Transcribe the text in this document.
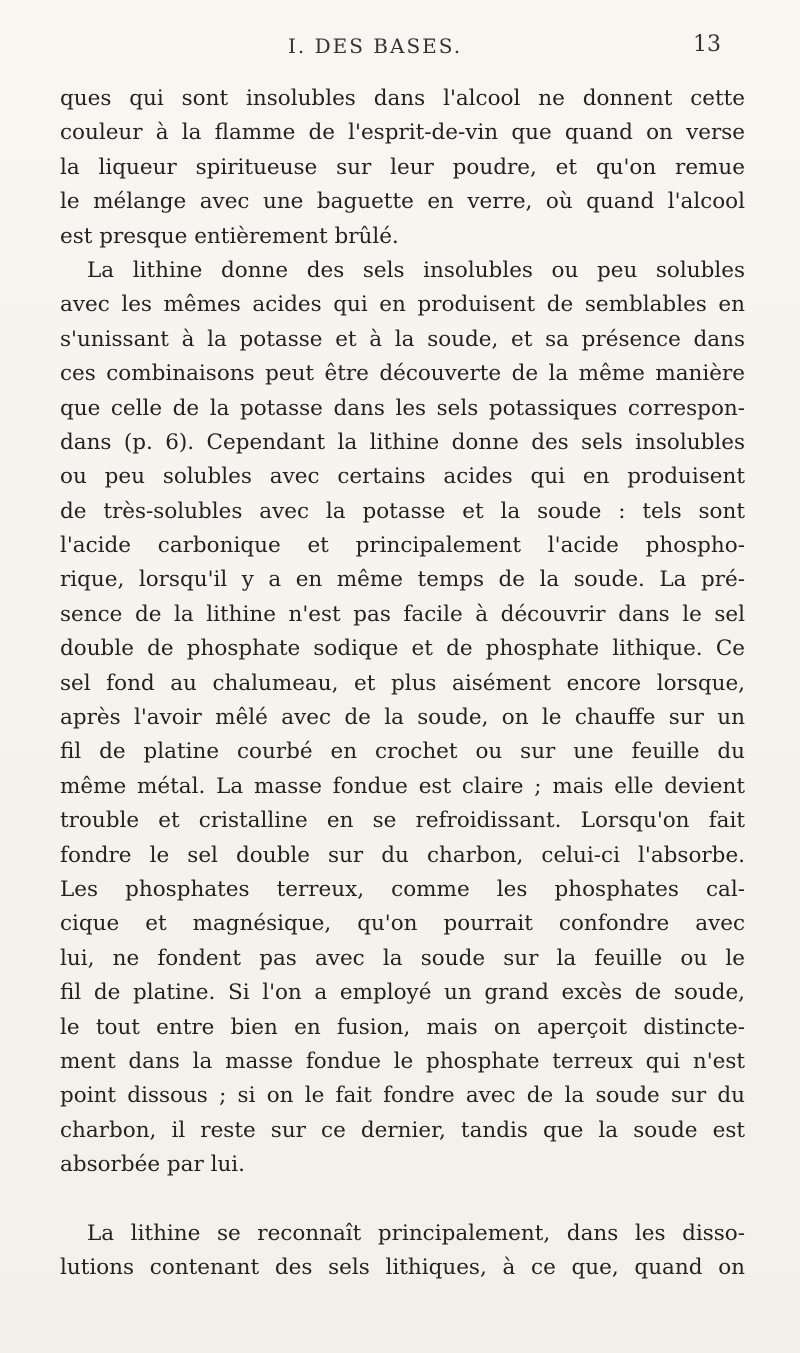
I. DES BASES.	13
ques qui sont insolubles dans l'alcool ne donnent cette
couleur à la flamme de l'esprit-de-vin que quand on verse
la liqueur spiritueuse sur leur poudre, et qu'on remue
le mélange avec une baguette en verre, où quand l'alcool
est presque entièrement brûlé.
La lithine donne des sels insolubles ou peu solubles
avec les mêmes acides qui en produisent de semblables en
s'unissant à la potasse et à la soude, et sa présence dans
ces combinaisons peut être découverte de la même manière
que celle de la potasse dans les sels potassiques correspon-
dans (p. 6). Cependant la lithine donne des sels insolubles
ou peu solubles avec certains acides qui en produisent
de très-solubles avec la potasse et la soude : tels sont
l'acide carbonique et principalement l'acide phospho-
rique, lorsqu'il y a en même temps de la soude. La pré-
sence de la lithine n'est pas facile à découvrir dans le sel
double de phosphate sodique et de phosphate lithique. Ce
sel fond au chalumeau, et plus aisément encore lorsque,
après l'avoir mêlé avec de la soude, on le chauffe sur un
fil de platine courbé en crochet ou sur une feuille du
même métal. La masse fondue est claire ; mais elle devient
trouble et cristalline en se refroidissant. Lorsqu'on fait
fondre le sel double sur du charbon, celui-ci l'absorbe.
Les phosphates terreux, comme les phosphates cal-
cique et magnésique, qu'on pourrait confondre avec
lui, ne fondent pas avec la soude sur la feuille ou le
fil de platine. Si l'on a employé un grand excès de soude,
le tout entre bien en fusion, mais on aperçoit distincte-
ment dans la masse fondue le phosphate terreux qui n'est
point dissous ; si on le fait fondre avec de la soude sur du
charbon, il reste sur ce dernier, tandis que la soude est
absorbée par lui.
La lithine se reconnaît principalement, dans les disso-
lutions contenant des sels lithiques, à ce que, quand on
